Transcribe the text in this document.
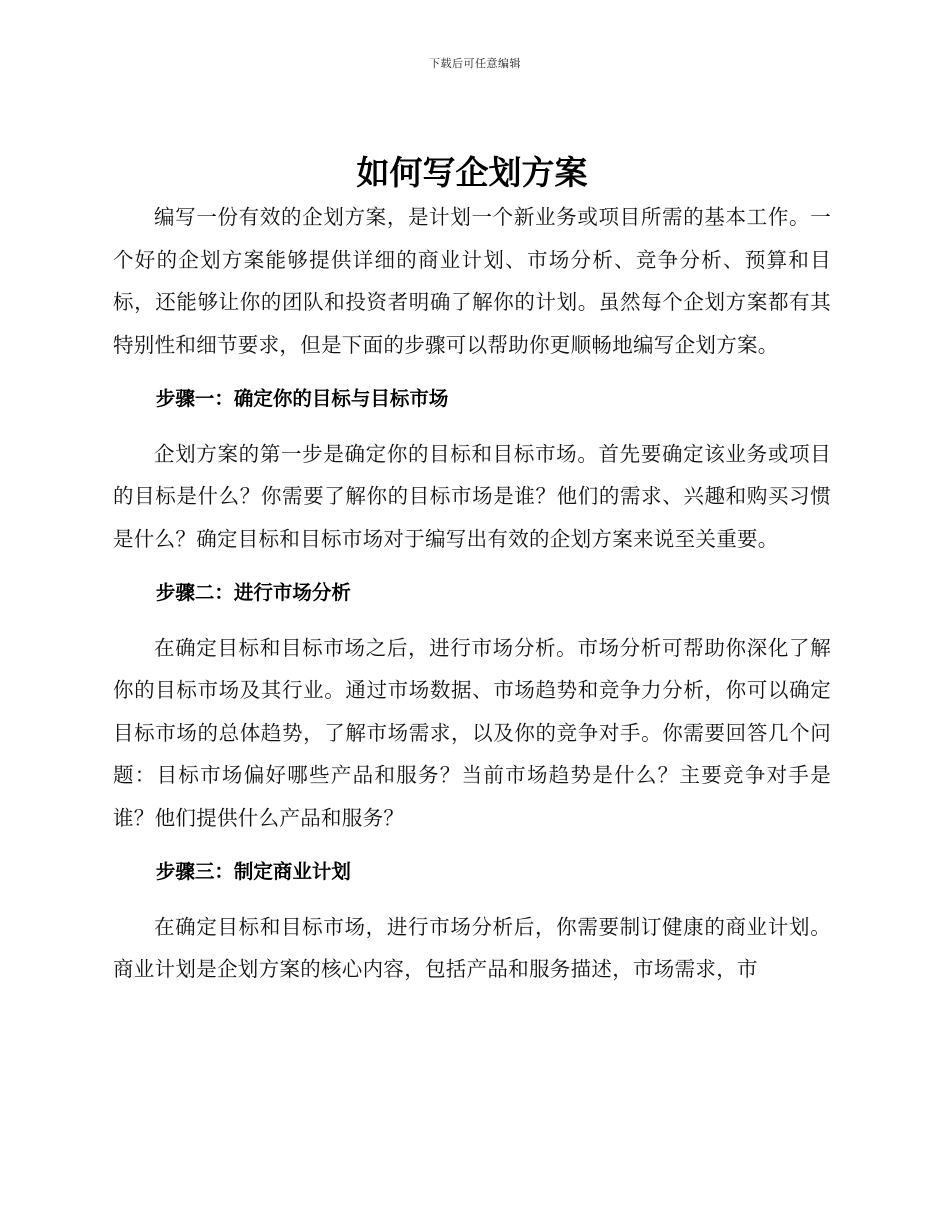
下载后可任意编辑
如何写企划方案

编写一份有效的企划方案，是计划一个新业务或项目所需的基本工作。一个好的企划方案能够提供详细的商业计划、市场分析、竞争分析、预算和目标，还能够让你的团队和投资者明确了解你的计划。虽然每个企划方案都有其特别性和细节要求，但是下面的步骤可以帮助你更顺畅地编写企划方案。

步骤一：确定你的目标与目标市场

企划方案的第一步是确定你的目标和目标市场。首先要确定该业务或项目的目标是什么？你需要了解你的目标市场是谁？他们的需求、兴趣和购买习惯是什么？确定目标和目标市场对于编写出有效的企划方案来说至关重要。

步骤二：进行市场分析

在确定目标和目标市场之后，进行市场分析。市场分析可帮助你深化了解你的目标市场及其行业。通过市场数据、市场趋势和竞争力分析，你可以确定目标市场的总体趋势，了解市场需求，以及你的竞争对手。你需要回答几个问题：目标市场偏好哪些产品和服务？当前市场趋势是什么？主要竞争对手是谁？他们提供什么产品和服务？

步骤三：制定商业计划

在确定目标和目标市场，进行市场分析后，你需要制订健康的商业计划。商业计划是企划方案的核心内容，包括产品和服务描述，市场需求，市
